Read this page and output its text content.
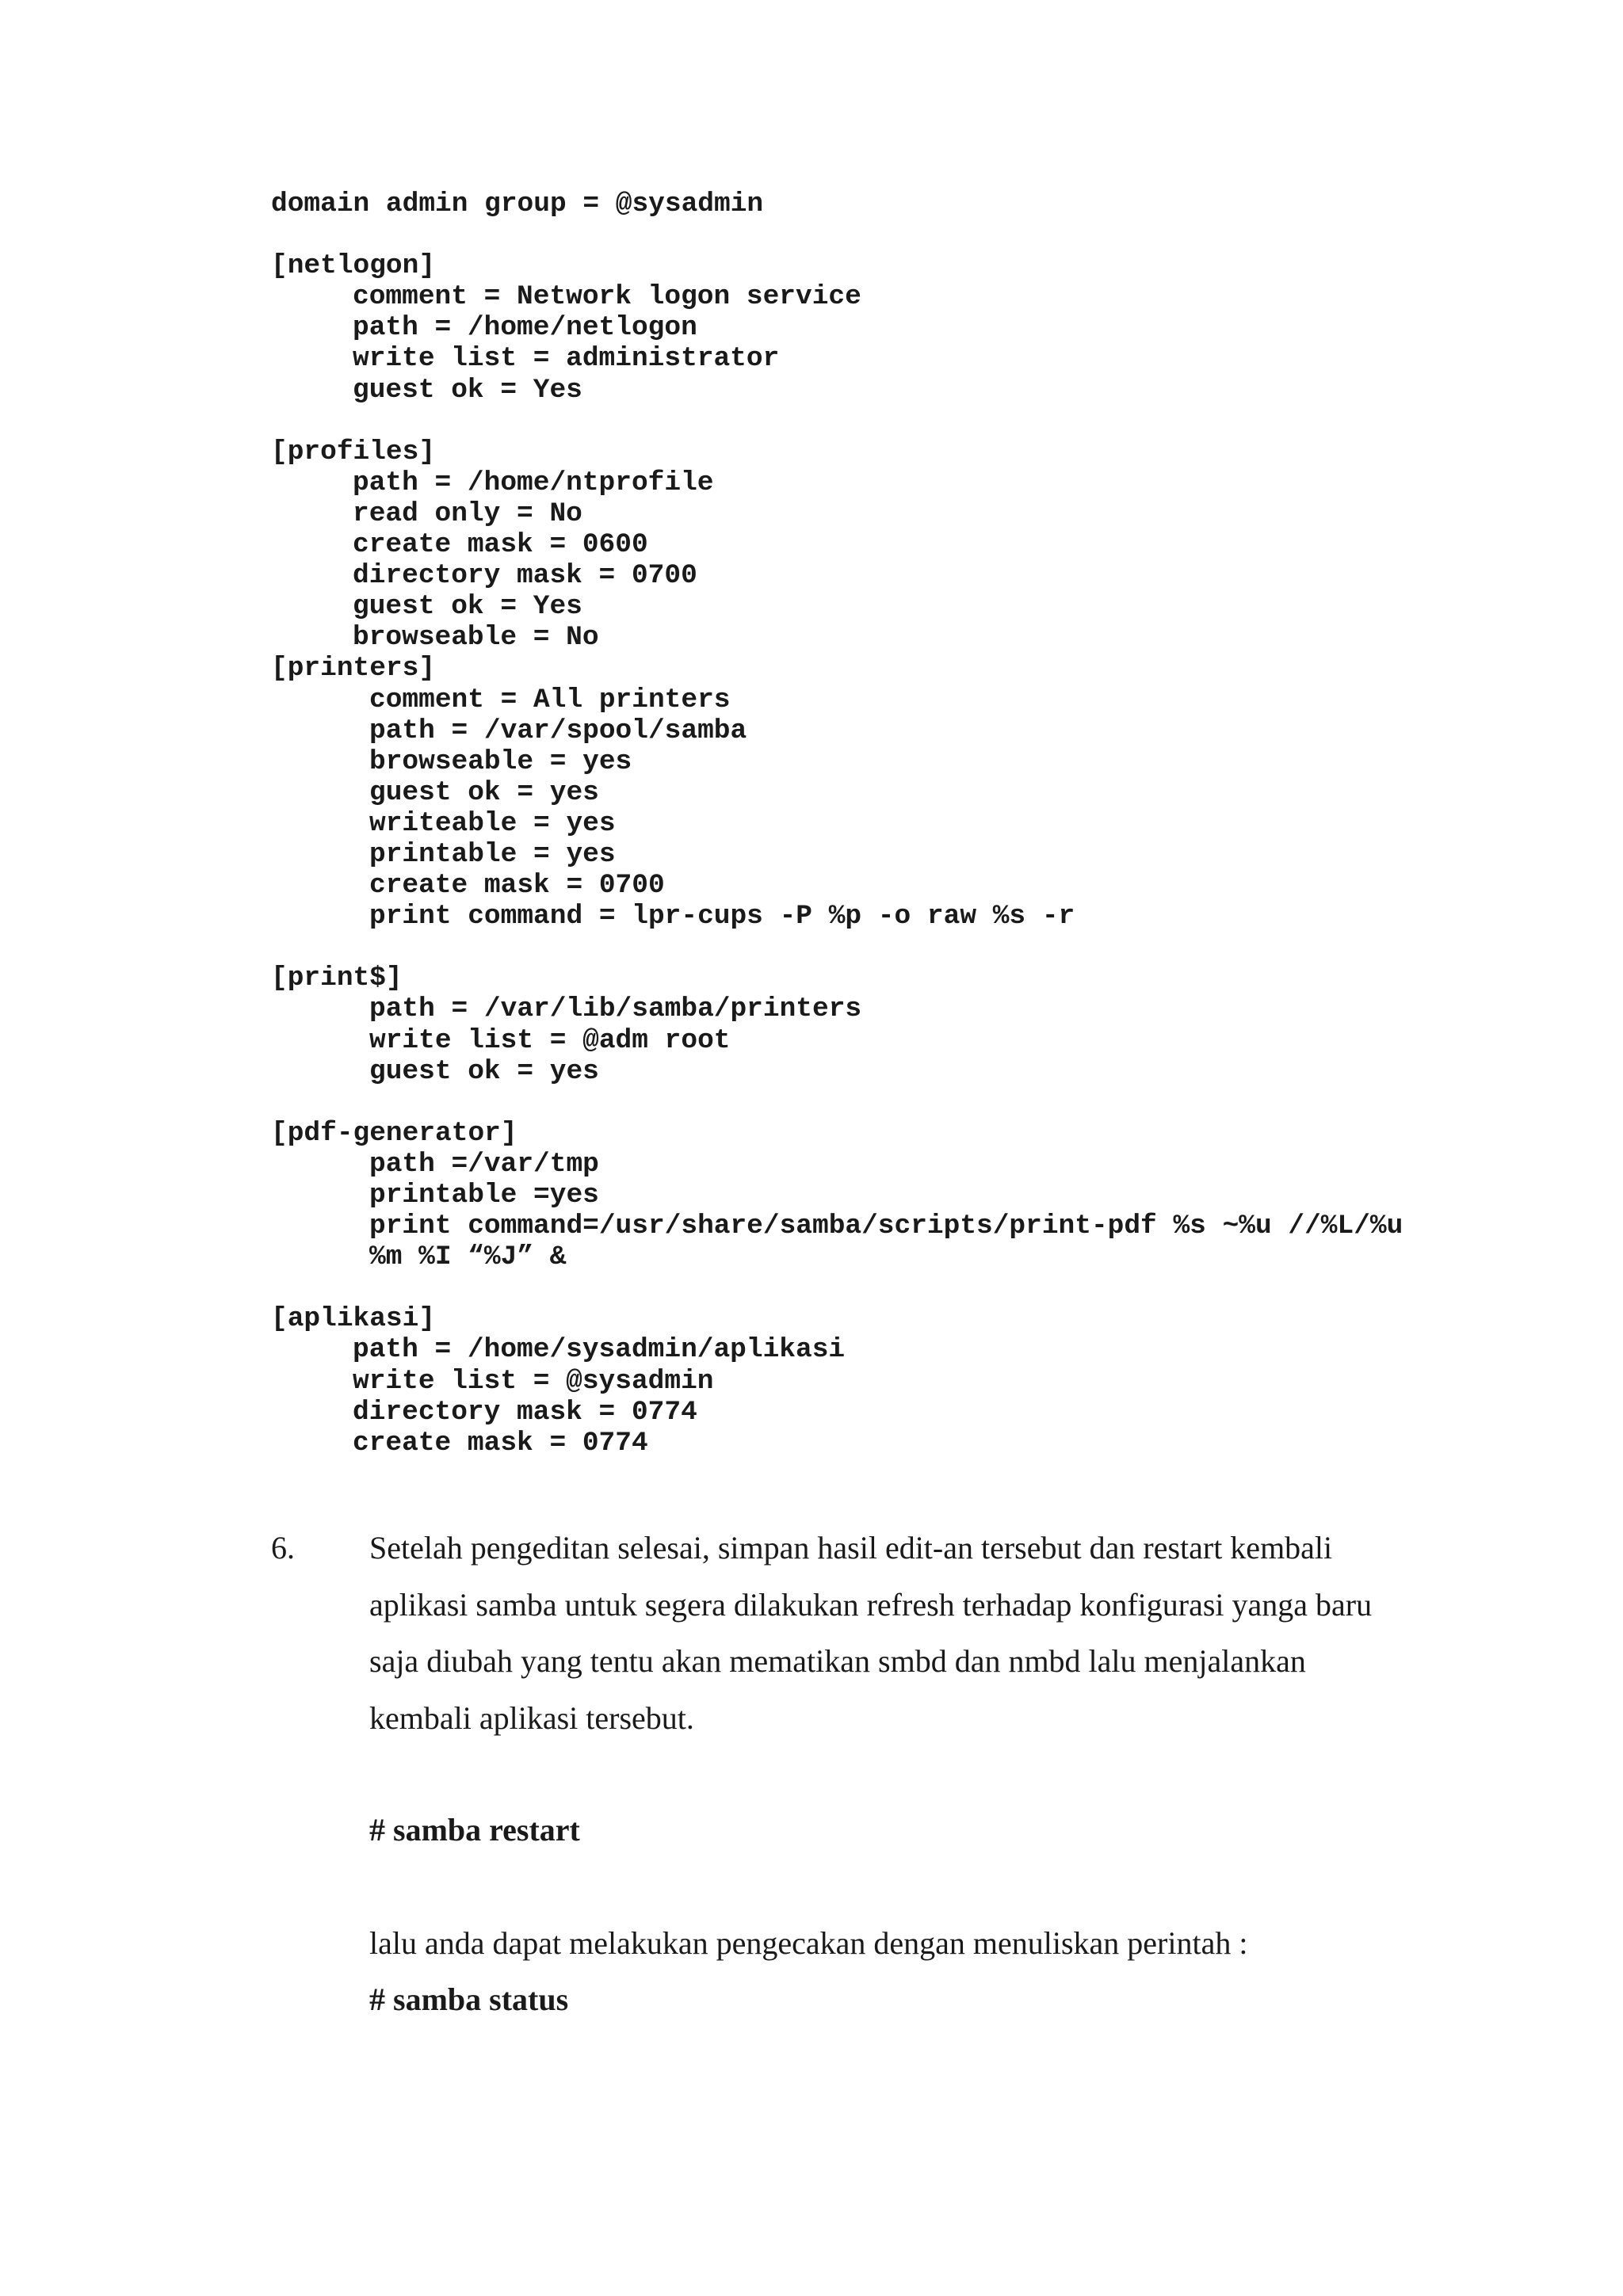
domain admin group = @sysadmin
[netlogon]
comment = Network logon service
path = /home/netlogon
write list = administrator
guest ok = Yes
[profiles]
path = /home/ntprofile
read only = No
create mask = 0600
directory mask = 0700
guest ok = Yes
browseable = No
[printers]
comment = All printers
path = /var/spool/samba
browseable = yes
guest ok = yes
writeable = yes
printable = yes
create mask = 0700
print command = lpr-cups -P %p -o raw %s -r
[print$]
path = /var/lib/samba/printers
write list = @adm root
guest ok = yes
[pdf-generator]
path =/var/tmp
printable =yes
print command=/usr/share/samba/scripts/print-pdf %s ~%u //%L/%u
%m %I “%J” &
[aplikasi]
path = /home/sysadmin/aplikasi
write list = @sysadmin
directory mask = 0774
create mask = 0774
6. Setelah pengeditan selesai, simpan hasil edit-an tersebut dan restart kembali
aplikasi samba untuk segera dilakukan refresh terhadap konfigurasi yanga baru
saja diubah yang tentu akan mematikan smbd dan nmbd lalu menjalankan
kembali aplikasi tersebut.

# samba restart

lalu anda dapat melakukan pengecakan dengan menuliskan perintah :

# samba status
